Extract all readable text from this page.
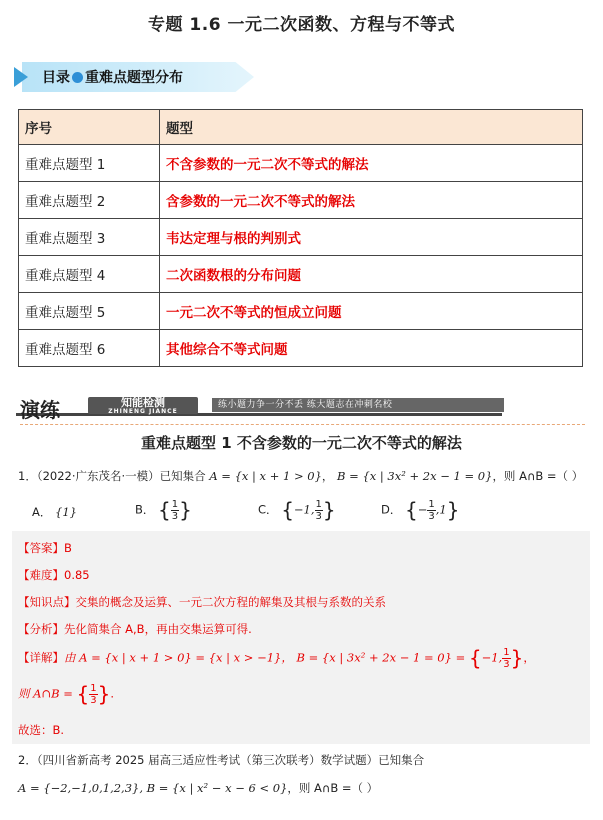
专题 1.6 一元二次函数、方程与不等式
目录 重难点题型分布
序号	题型
重难点题型 1	不含参数的一元二次不等式的解法
重难点题型 2	含参数的一元二次不等式的解法
重难点题型 3	韦达定理与根的判别式
重难点题型 4	二次函数根的分布问题
重难点题型 5	一元二次不等式的恒成立问题
重难点题型 6	其他综合不等式问题
演练	知能检测
ZHINENG JIANCE
练小题力争一分不丢 练大题志在冲刺名校
重难点题型 1 不含参数的一元二次不等式的解法
1．（2022·广东茂名·一模）已知集合 A = {x | x + 1 > 0}， B = {x | 3x² + 2x − 1 = 0}，则 A∩B =（ ）
A． {1}	B． { $\frac{1}{3}$ }	C． {−1, $\frac{1}{3}$ }	D． {− $\frac{1}{3} ,1$}
【答案】B
【难度】0.85
【知识点】交集的概念及运算、一元二次方程的解集及其根与系数的关系
【分析】先化简集合 A,B，再由交集运算可得.
【详解】由 A = {x | x + 1 > 0} = {x | x > −1}， B = {x | 3x² + 2x − 1 = 0} = {−1, $\frac{1}{3}$ }，
则 A∩B = { $\frac{1}{3}$ }.
故选：B.
2．（四川省新高考 2025 届高三适应性考试（第三次联考）数学试题）已知集合
A = {−2,−1,0,1,2,3}, B = {x | x² − x − 6 < 0}，则 A∩B =（ ）
